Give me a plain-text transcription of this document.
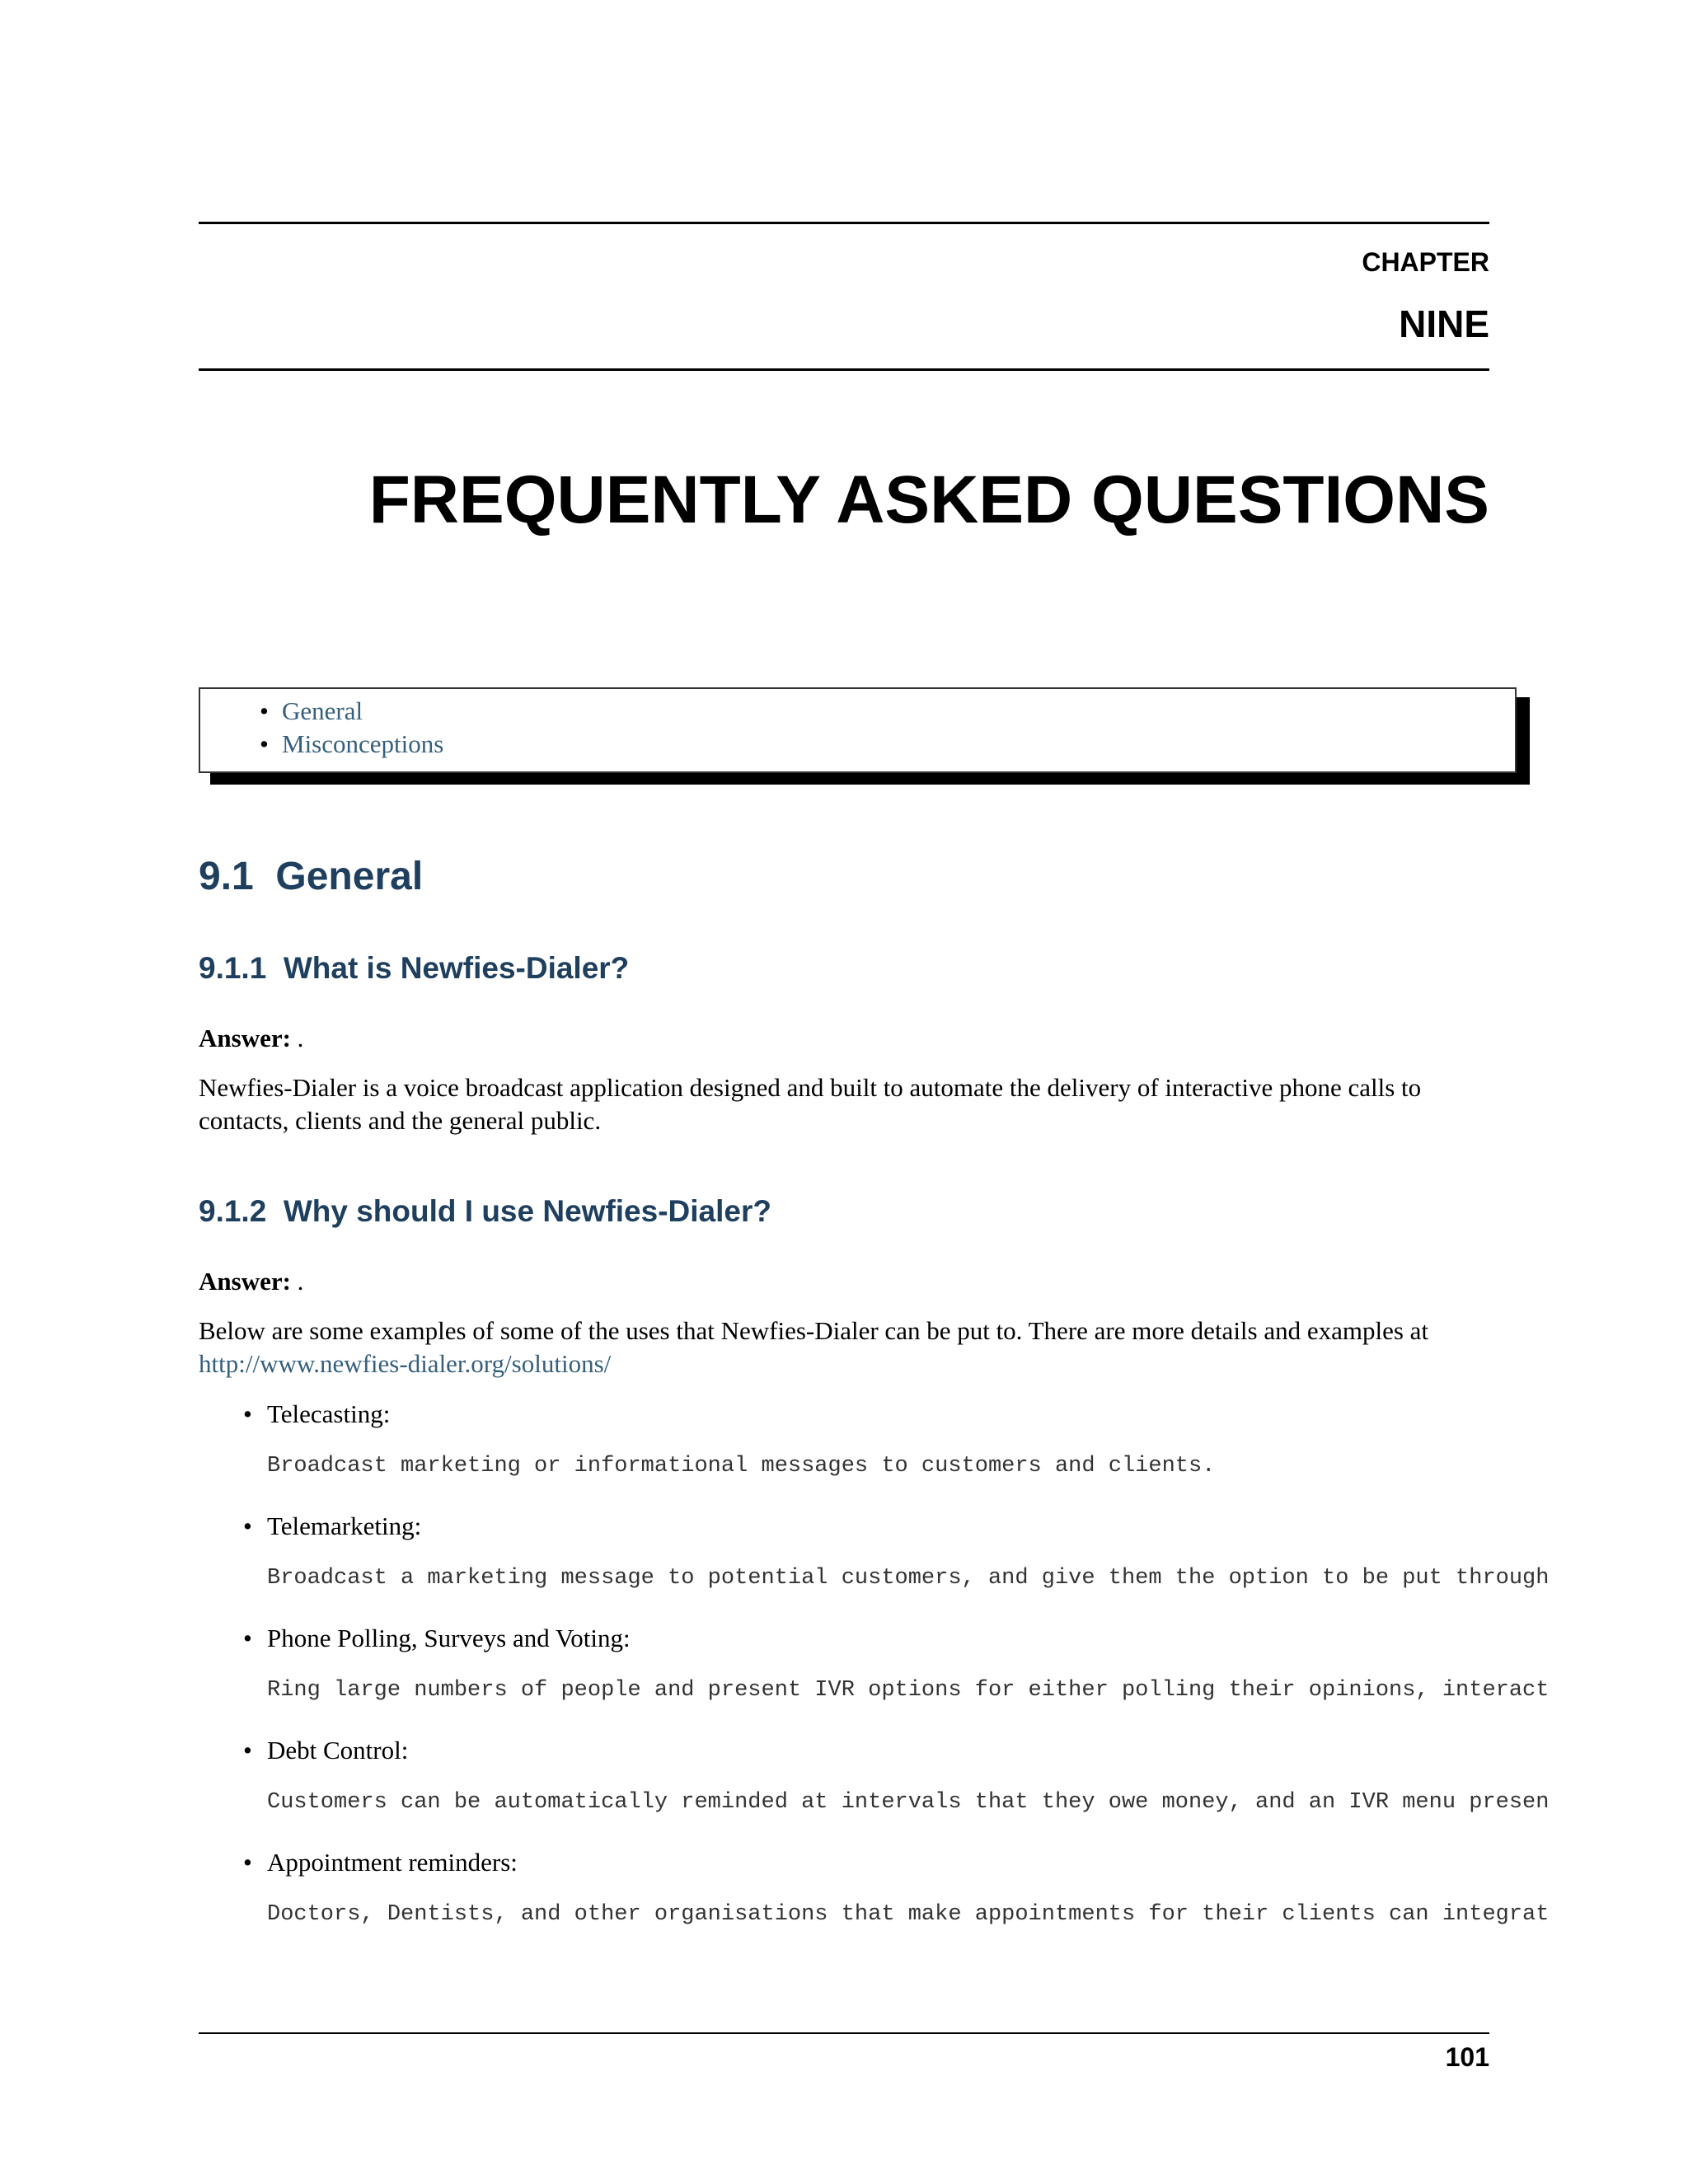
CHAPTER
NINE
FREQUENTLY ASKED QUESTIONS
• General
• Misconceptions
9.1  General
9.1.1  What is Newfies-Dialer?
Answer: .
Newfies-Dialer is a voice broadcast application designed and built to automate the delivery of interactive phone calls to contacts, clients and the general public.
9.1.2  Why should I use Newfies-Dialer?
Answer: .
Below are some examples of some of the uses that Newfies-Dialer can be put to. There are more details and examples at http://www.newfies-dialer.org/solutions/
• Telecasting:
Broadcast marketing or informational messages to customers and clients.
• Telemarketing:
Broadcast a marketing message to potential customers, and give them the option to be put through
• Phone Polling, Surveys and Voting:
Ring large numbers of people and present IVR options for either polling their opinions, interact
• Debt Control:
Customers can be automatically reminded at intervals that they owe money, and an IVR menu presen
• Appointment reminders:
Doctors, Dentists, and other organisations that make appointments for their clients can integrat
101
